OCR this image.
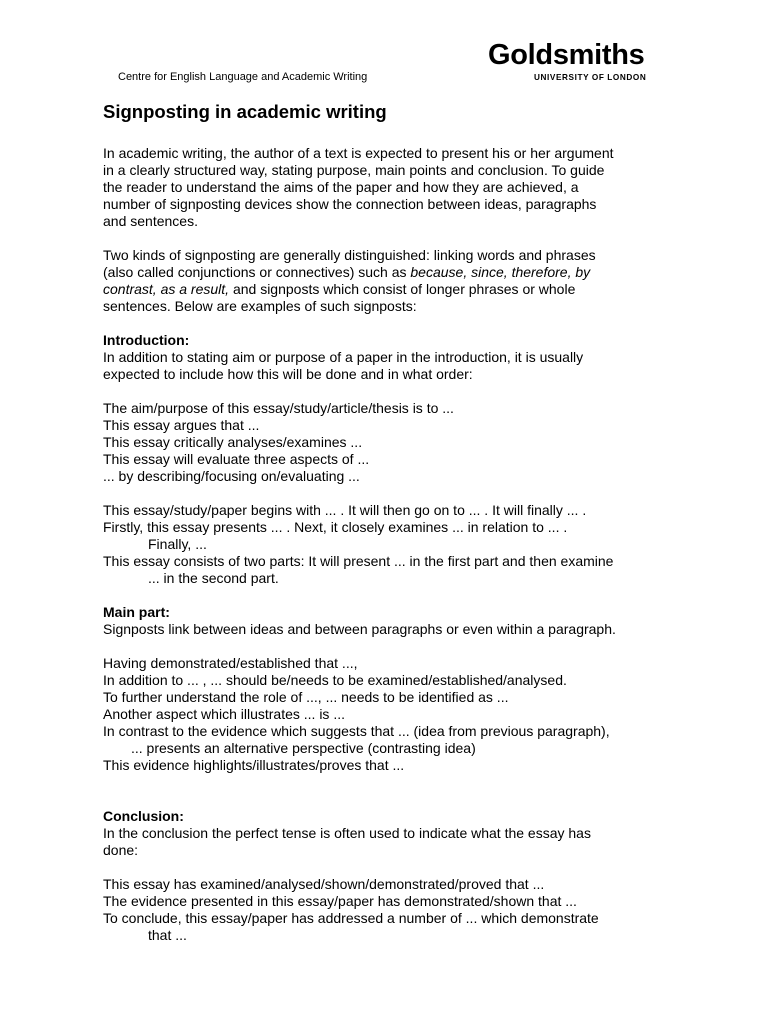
Centre for English Language and Academic Writing
Goldsmiths
UNIVERSITY OF LONDON
Signposting in academic writing

In academic writing, the author of a text is expected to present his or her argument
in a clearly structured way, stating purpose, main points and conclusion. To guide
the reader to understand the aims of the paper and how they are achieved, a
number of signposting devices show the connection between ideas, paragraphs
and sentences.

Two kinds of signposting are generally distinguished: linking words and phrases
(also called conjunctions or connectives) such as because, since, therefore, by
contrast, as a result, and signposts which consist of longer phrases or whole
sentences. Below are examples of such signposts:

Introduction:
In addition to stating aim or purpose of a paper in the introduction, it is usually
expected to include how this will be done and in what order:
The aim/purpose of this essay/study/article/thesis is to ...
This essay argues that ...
This essay critically analyses/examines ...
This essay will evaluate three aspects of ...
... by describing/focusing on/evaluating ...
This essay/study/paper begins with ... . It will then go on to ... . It will finally ... .
Firstly, this essay presents ... . Next, it closely examines ... in relation to ... .
Finally, ...
This essay consists of two parts: It will present ... in the first part and then examine
... in the second part.
Main part:
Signposts link between ideas and between paragraphs or even within a paragraph.
Having demonstrated/established that ...,
In addition to ... , ... should be/needs to be examined/established/analysed.
To further understand the role of ..., ... needs to be identified as ...
Another aspect which illustrates ... is ...
In contrast to the evidence which suggests that ... (idea from previous paragraph),
... presents an alternative perspective (contrasting idea)
This evidence highlights/illustrates/proves that ...
Conclusion:
In the conclusion the perfect tense is often used to indicate what the essay has
done:
This essay has examined/analysed/shown/demonstrated/proved that ...
The evidence presented in this essay/paper has demonstrated/shown that ...
To conclude, this essay/paper has addressed a number of ... which demonstrate
that ...
